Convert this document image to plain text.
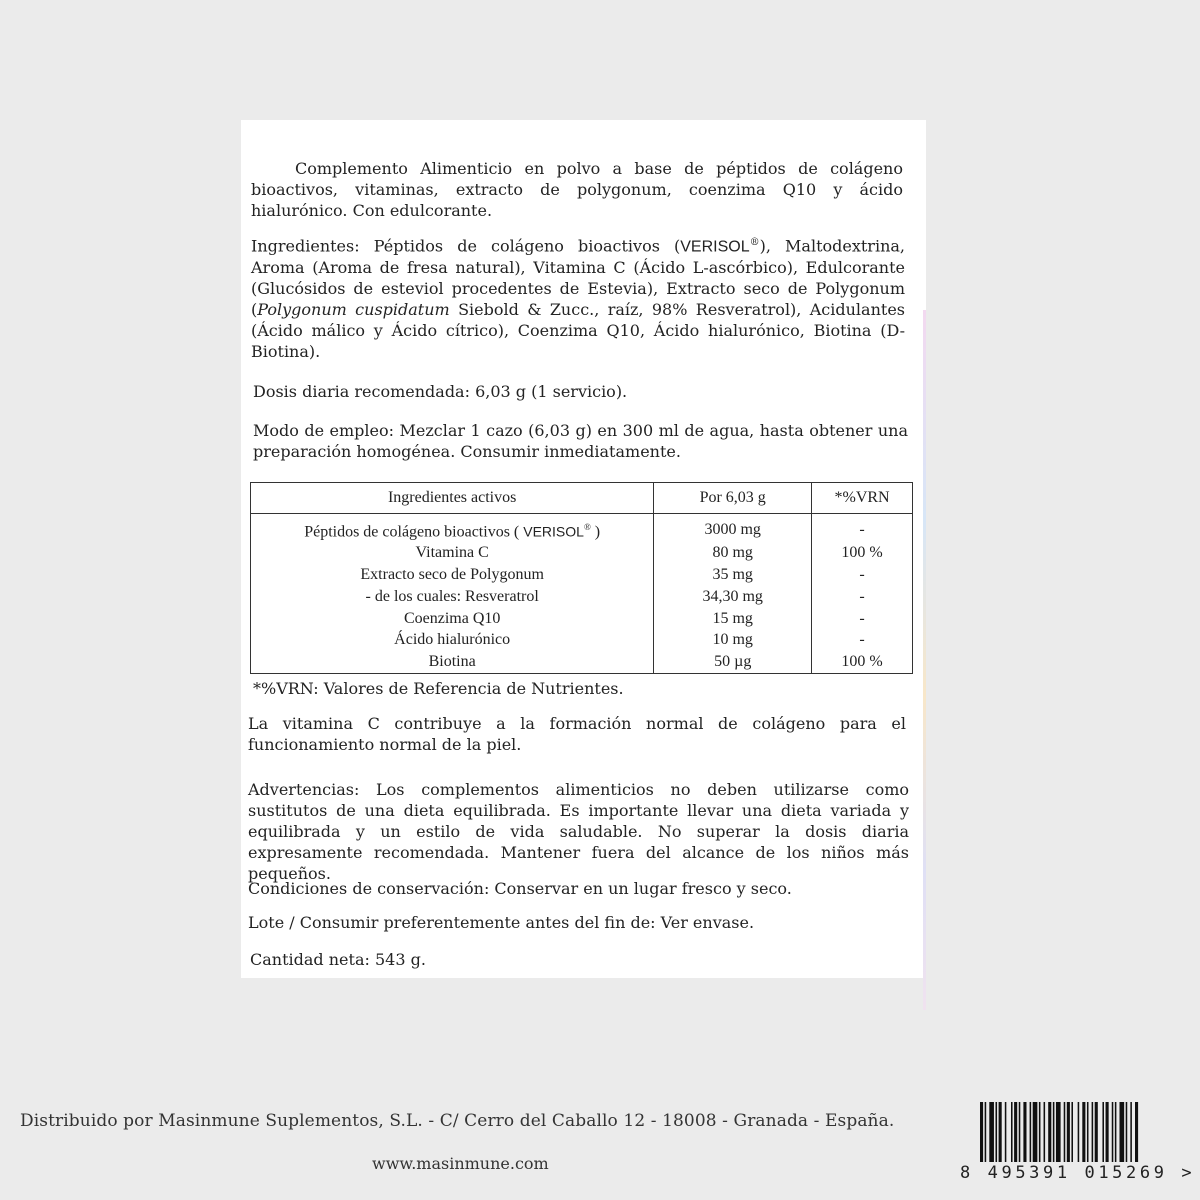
Complemento Alimenticio en polvo a base de péptidos de colágeno bioactivos, vitaminas, extracto de polygonum, coenzima Q10 y ácido hialurónico. Con edulcorante.
Ingredientes: Péptidos de colágeno bioactivos (VERISOL®), Maltodextrina, Aroma (Aroma de fresa natural), Vitamina C (Ácido L-ascórbico), Edulcorante (Glucósidos de esteviol procedentes de Estevia), Extracto seco de Polygonum (Polygonum cuspidatum Siebold & Zucc., raíz, 98% Resveratrol), Acidulantes (Ácido málico y Ácido cítrico), Coenzima Q10, Ácido hialurónico, Biotina (D-Biotina).
Dosis diaria recomendada: 6,03 g (1 servicio).
Modo de empleo: Mezclar 1 cazo (6,03 g) en 300 ml de agua, hasta obtener una preparación homogénea. Consumir inmediatamente.
Ingredientes activos	Por 6,03 g	*%VRN
Péptidos de colágeno bioactivos ( VERISOL® )	3000 mg	-
Vitamina C	80 mg	100 %
Extracto seco de Polygonum	35 mg	-
- de los cuales: Resveratrol	34,30 mg	-
Coenzima Q10	15 mg	-
Ácido hialurónico	10 mg	-
Biotina	50 µg	100 %
*%VRN: Valores de Referencia de Nutrientes.
La vitamina C contribuye a la formación normal de colágeno para el funcionamiento normal de la piel.
Advertencias: Los complementos alimenticios no deben utilizarse como sustitutos de una dieta equilibrada. Es importante llevar una dieta variada y equilibrada y un estilo de vida saludable. No superar la dosis diaria expresamente recomendada. Mantener fuera del alcance de los niños más pequeños.
Condiciones de conservación: Conservar en un lugar fresco y seco.
Lote / Consumir preferentemente antes del fin de: Ver envase.
Cantidad neta: 543 g.
Distribuido por Masinmune Suplementos, S.L. - C/ Cerro del Caballo 12 - 18008 - Granada - España.
www.masinmune.com	8 495391 015269 >
